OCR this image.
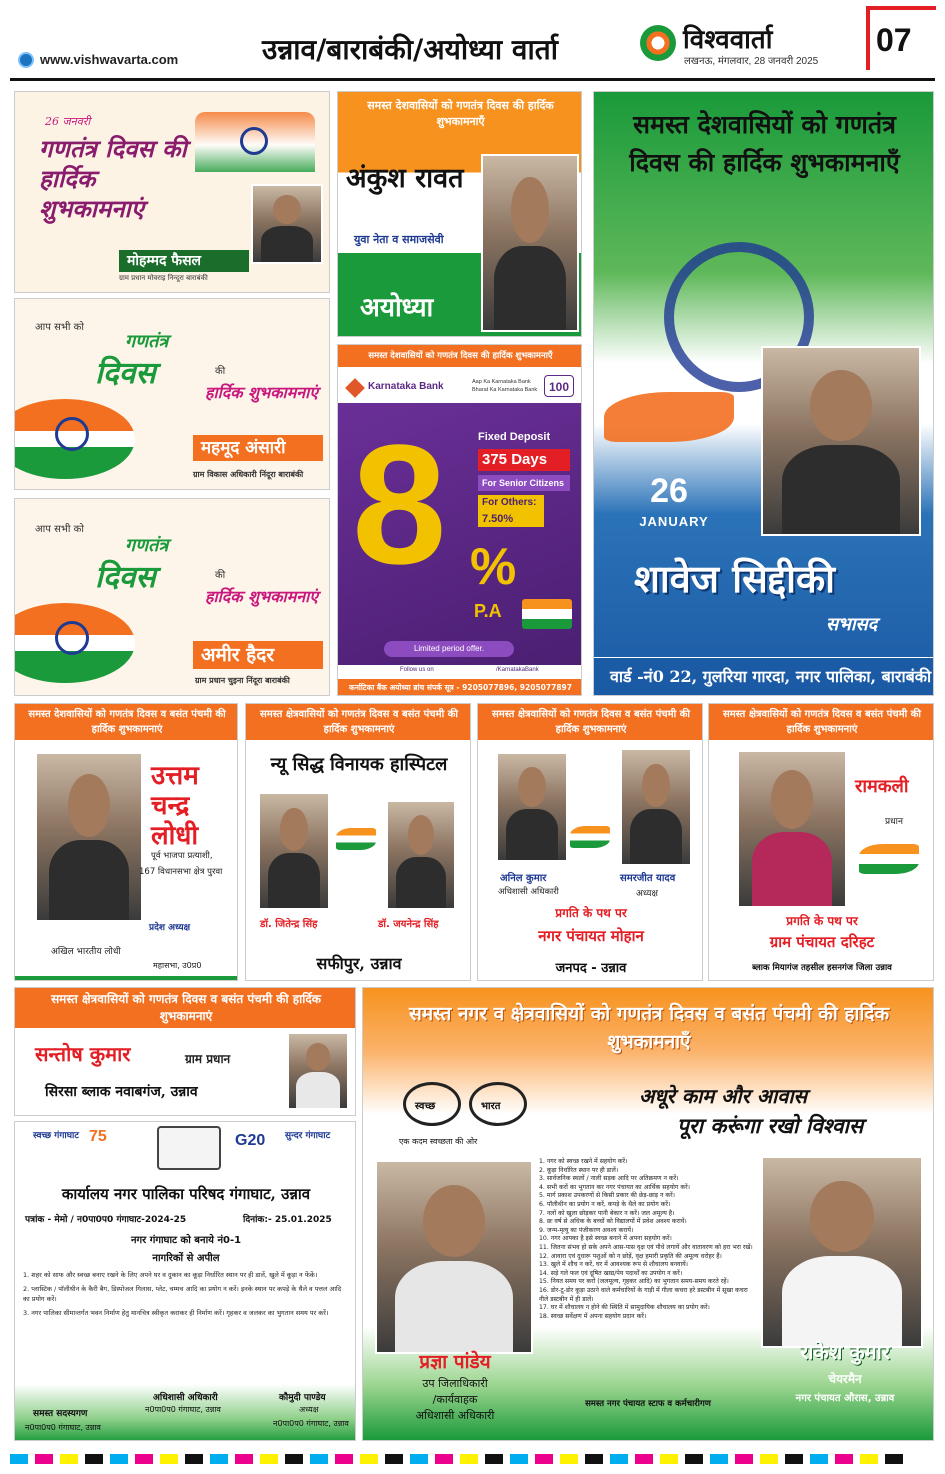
www.vishwavarta.com	उन्नाव/बाराबंकी/अयोध्या वार्ता	विश्ववार्ता
लखनऊ, मंगलवार, 28 जनवरी 2025
07
26 जनवरी
गणतंत्र दिवस की हार्दिक शुभकामनाएं
मोहम्मद फैसल
ग्राम प्रधान मोवराइ निन्दूरा बाराबंकी
समस्त देशवासियों को गणतंत्र दिवस की हार्दिक शुभकामनाएँ
अंकुश रावत
युवा नेता व समाजसेवी
अयोध्या
समस्त देशवासियों को गणतंत्र दिवस की हार्दिक शुभकामनाएँ
26
JANUARY
शावेज सिद्दीकी
सभासद
वार्ड -नं0 22, गुलरिया गारदा, नगर पालिका, बाराबंकी
आप सभी को
गणतंत्र
दिवस	की
हार्दिक शुभकामनाएं
महमूद अंसारी
ग्राम विकास अधिकारी निंदूरा बाराबंकी
आप सभी को
गणतंत्र
दिवस	की
हार्दिक शुभकामनाएं
अमीर हैदर
ग्राम प्रधान चुइना निंदूरा बाराबंकी
समस्त देशवासियों को गणतंत्र दिवस की हार्दिक शुभकामनाएँ
Karnataka Bank	Aap Ka Karnataka Bank
Bharat Ka Karnataka Bank 100
8 %
P.A
Fixed Deposit
375 Days
For Senior Citizens
For Others:
7.50%
Limited period offer.
Follow us on	/KarnatakaBank
कर्नाटिका बैंक अयोध्या ब्रांच संपर्क सूत्र - 9205077896, 9205077897
समस्त देशवासियों को गणतंत्र दिवस व बसंत पंचमी की हार्दिक शुभकामनाएं
उत्तम
चन्द्र
लोधी
पूर्व भाजपा प्रत्याशी,
167 विधानसभा क्षेत्र पुरवा
प्रदेश अध्यक्ष
अखिल भारतीय लोधी
महासभा, उ0प्र0
समस्त क्षेत्रवासियों को गणतंत्र दिवस व बसंत पंचमी की हार्दिक शुभकामनाएं
न्यू सिद्ध विनायक हास्पिटल
डॉ. जितेन्द्र सिंह	डॉ. जयनेन्द्र सिंह
सफीपुर, उन्नाव
समस्त क्षेत्रवासियों को गणतंत्र दिवस व बसंत पंचमी की हार्दिक शुभकामनाएं
अनिल कुमार
अधिशासी अधिकारी
समरजीत यादव
अध्यक्ष
प्रगति के पथ पर
नगर पंचायत मोहान
जनपद - उन्नाव
समस्त क्षेत्रवासियों को गणतंत्र दिवस व बसंत पंचमी की हार्दिक शुभकामनाएं
रामकली
प्रधान
प्रगति के पथ पर
ग्राम पंचायत दरिहट
ब्लाक मियागंज तहसील हसनगंज जिला उन्नाव
समस्त क्षेत्रवासियों को गणतंत्र दिवस व बसंत पंचमी की हार्दिक शुभकामनाएं
सन्तोष कुमार	ग्राम प्रधान
सिरसा ब्लाक नवाबगंज, उन्नाव
स्वच्छ गंगाघाट	सुन्दर गंगाघाट
75	G20
कार्यालय नगर पालिका परिषद गंगाघाट, उन्नाव
पत्रांक - मेमो / न0पा0प0 गंगाघाट-2024-25	दिनांक:- 25.01.2025
नगर गंगाघाट को बनाये नं0-1
नागरिकों से अपील
1. शहर को साफ और स्वच्छ बनाए रखने के लिए अपने घर व दुकान का कूड़ा निर्धारित स्थान पर ही डालें, खुले में कूड़ा न फेंकें।
2. प्लास्टिक / पॉलीथीन के कैरी बैग, डिस्पोजल गिलास, प्लेट, चम्मच आदि का प्रयोग न करें। इनके स्थान पर कपड़े के थैले व पत्तल आदि का प्रयोग करें।
3. नगर पालिका सीमान्तर्गत भवन निर्माण हेतु मानचित्र स्वीकृत कराकर ही निर्माण करें। गृहकर व जलकर का भुगतान समय पर करें।
अधिशासी अधिकारी
न0पा0प0 गंगाघाट, उन्नाव
कौमुदी पाण्डेय
अध्यक्ष
न0पा0प0 गंगाघाट, उन्नाव
समस्त सदस्यगण
न0पा0प0 गंगाघाट, उन्नाव
समस्त नगर व क्षेत्रवासियों को गणतंत्र दिवस व बसंत पंचमी की हार्दिक शुभकामनाएँ
स्वच्छ	भारत
एक कदम स्वच्छता की ओर
अधूरे काम और आवास
पूरा करूंगा रखो विश्वास
1. नगर को स्वच्छ रखने में सहयोग करें।
2. कूड़ा निर्धारित स्थान पर ही डालें।
3. सार्वजनिक स्थलों / नाली सड़क आदि पर अतिक्रमण न करें।
4. सभी करों का भुगतान कर नगर पंचायत का आर्थिक सहयोग करें।
5. मार्ग प्रकाश उपकरणों से किसी प्रकार की छेड़-छाड़ न करें।
6. पॉलीथीन का प्रयोग न करें, कपड़े के थैले का प्रयोग करें।
7. नलों को खुला छोड़कर पानी बेकार न करें। जल अमूल्य है।
8. छः वर्ष से अधिक के बच्चों को विद्यालयों में प्रवेश अवश्य करायें।
9. जन्म-मृत्यु का पंजीकरण अवश्य करायें।
10. नगर आपका है इसे स्वच्छ बनाने में अपना सहयोग करें।
11. जितना संभव हो सके अपने आस-पास वृक्ष एवं पौधे लगायें और वातावरण को हरा भरा रखें।
12. आवारा एवं दुधारू पशुओं को न छोड़ें, वृक्ष हमारी प्रकृति की अमूल्य धरोहर हैं।
13. खुले में शौच न करें, घर में आवश्यक रूप से शौचालय बनवायें।
14. सड़े गले फल एवं दूषित खाद्य/पेय पदार्थों का उपयोग न करें।
15. नियत समय पर करों (जलमूल्य, गृहकर आदि) का भुगतान समय-समय करते रहें।
16. डोर-टू-डोर कूड़ा उठाने वाले कर्मचारियों के गाड़ी में गीला कचरा हरे डस्टबीन में सूखा कचरा नीले डस्टबीन में ही डालें।
17. घर में शौचालय न होने की स्थिति में सामुदायिक शौचालय का प्रयोग करें।
18. स्वच्छ सर्वेक्षण में अपना सहयोग प्रदान करें।
प्रज्ञा पांडेय
उप जिलाधिकारी
/कार्यवाहक
अधिशासी अधिकारी
समस्त नगर पंचायत स्टाफ व कर्मचारीगण
राकेश कुमार
चेयरमैन
नगर पंचायत औरास, उन्नाव
